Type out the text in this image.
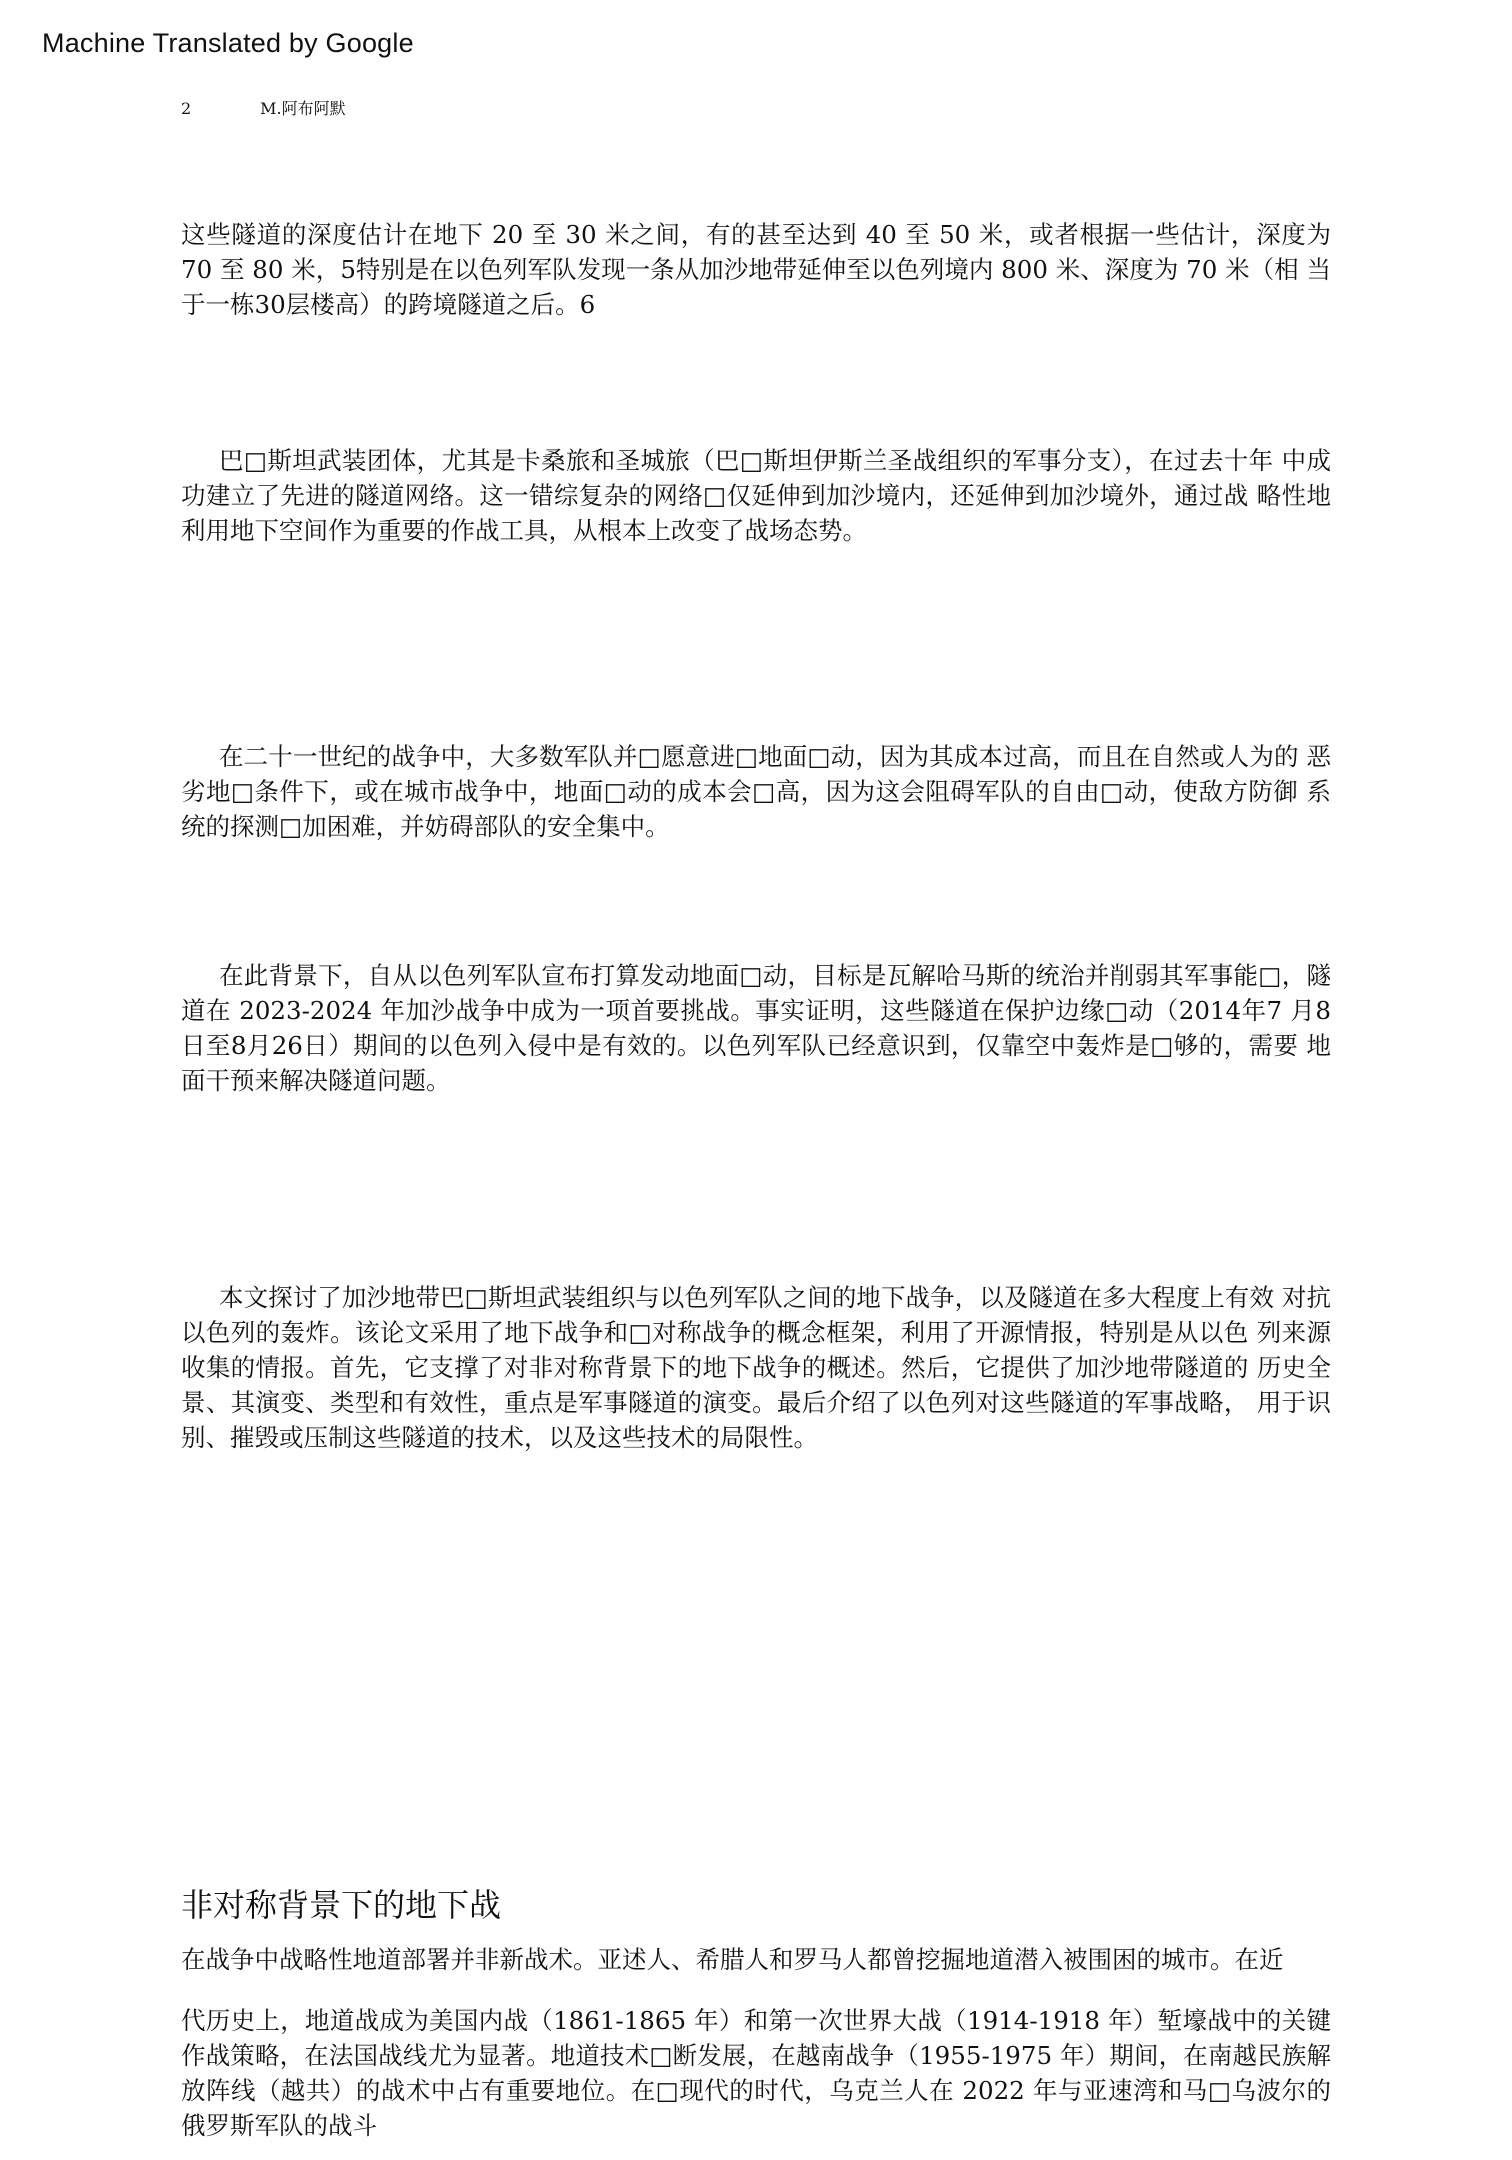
Machine Translated by Google
2	M.阿布阿默

这些隧道的深度估计在地下 20 至 30 米之间，有的甚至达到 40 至 50 米，或者根据一些估计，深度为 70 至 80 米，5特别是在以色列军队发现一条从加沙地带延伸至以色列境内 800 米、深度为 70 米（相 当于一栋30层楼高）的跨境隧道之后。6

巴□斯坦武装团体，尤其是卡桑旅和圣城旅（巴□斯坦伊斯兰圣战组织的军事分支），在过去十年 中成功建立了先进的隧道网络。这一错综复杂的网络□仅延伸到加沙境内，还延伸到加沙境外，通过战 略性地利用地下空间作为重要的作战工具，从根本上改变了战场态势。

在二十一世纪的战争中，大多数军队并□愿意进□地面□动，因为其成本过高，而且在自然或人为的 恶劣地□条件下，或在城市战争中，地面□动的成本会□高，因为这会阻碍军队的自由□动，使敌方防御 系统的探测□加困难，并妨碍部队的安全集中。

在此背景下，自从以色列军队宣布打算发动地面□动，目标是瓦解哈马斯的统治并削弱其军事能□，隧道在 2023-2024 年加沙战争中成为一项首要挑战。事实证明，这些隧道在保护边缘□动（2014年7 月8日至8月26日）期间的以色列入侵中是有效的。以色列军队已经意识到，仅靠空中轰炸是□够的，需要 地面干预来解决隧道问题。

本文探讨了加沙地带巴□斯坦武装组织与以色列军队之间的地下战争，以及隧道在多大程度上有效 对抗以色列的轰炸。该论文采用了地下战争和□对称战争的概念框架，利用了开源情报，特别是从以色 列来源收集的情报。首先，它支撑了对非对称背景下的地下战争的概述。然后，它提供了加沙地带隧道的 历史全景、其演变、类型和有效性，重点是军事隧道的演变。最后介绍了以色列对这些隧道的军事战略， 用于识别、摧毁或压制这些隧道的技术，以及这些技术的局限性。

非对称背景下的地下战

在战争中战略性地道部署并非新战术。亚述人、希腊人和罗马人都曾挖掘地道潜入被围困的城市。在近

代历史上，地道战成为美国内战（1861-1865 年）和第一次世界大战（1914-1918 年）堑壕战中的关键 作战策略，在法国战线尤为显著。地道技术□断发展，在越南战争（1955-1975 年）期间，在南越民族解 放阵线（越共）的战术中占有重要地位。在□现代的时代，乌克兰人在 2022 年与亚速湾和马□乌波尔的 俄罗斯军队的战斗
